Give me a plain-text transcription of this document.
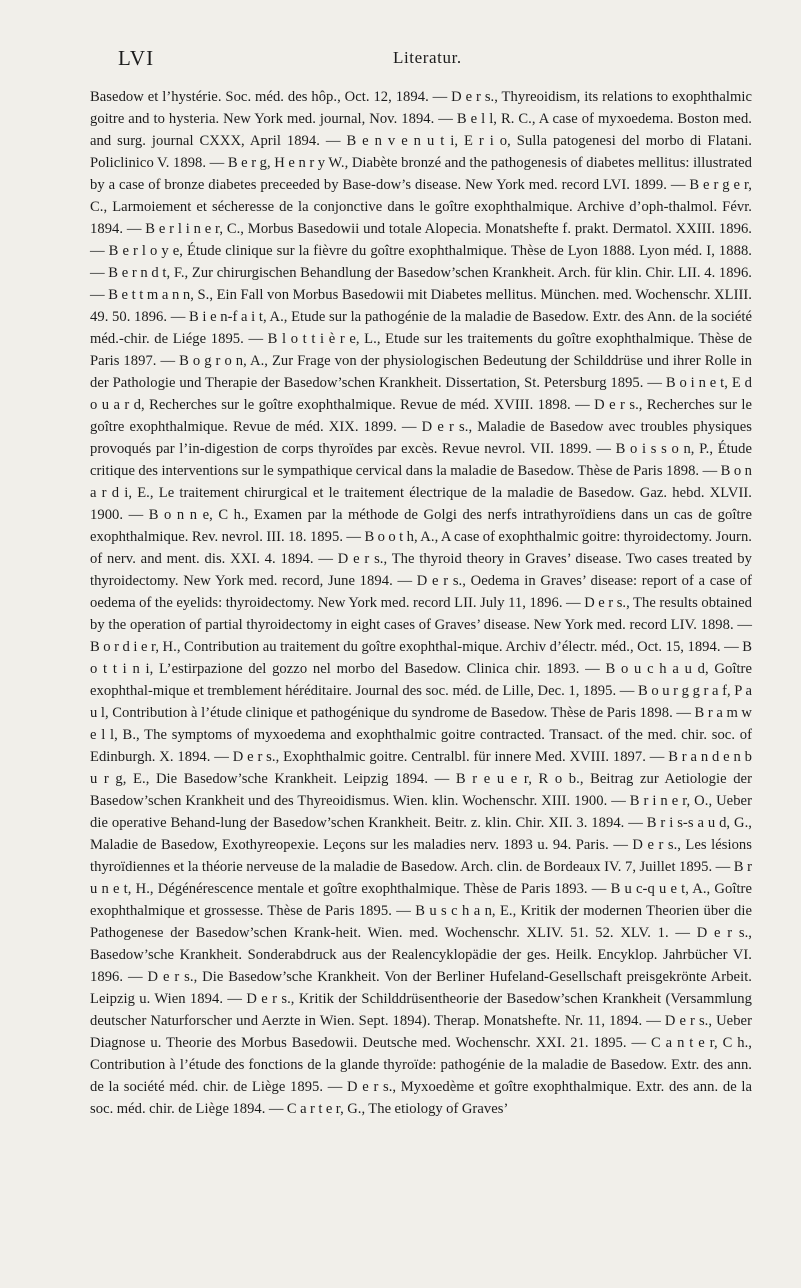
LVI	Literatur.
Basedow et l’hystérie. Soc. méd. des hôp., Oct. 12, 1894. — D e r s., Thyreoidism, its relations to exophthalmic goitre and to hysteria. New York med. journal, Nov. 1894. — B e l l, R. C., A case of myxoedema. Boston med. and surg. journal CXXX, April 1894. — B e n v e n u t i, E r i o, Sulla patogenesi del morbo di Flatani. Policlinico V. 1898. — B e r g, H e n r y W., Diabète bronzé and the pathogenesis of diabetes mellitus: illustrated by a case of bronze diabetes preceeded by Base-dow’s disease. New York med. record LVI. 1899. — B e r g e r, C., Larmoiement et sécheresse de la conjonctive dans le goître exophthalmique. Archive d’oph-thalmol. Févr. 1894. — B e r l i n e r, C., Morbus Basedowii und totale Alopecia. Monatshefte f. prakt. Dermatol. XXIII. 1896. — B e r l o y e, Étude clinique sur la fièvre du goître exophthalmique. Thèse de Lyon 1888. Lyon méd. I, 1888. — B e r n d t, F., Zur chirurgischen Behandlung der Basedow’schen Krankheit. Arch. für klin. Chir. LII. 4. 1896. — B e t t m a n n, S., Ein Fall von Morbus Basedowii mit Diabetes mellitus. München. med. Wochenschr. XLIII. 49. 50. 1896. — B i e n-f a i t, A., Etude sur la pathogénie de la maladie de Basedow. Extr. des Ann. de la société méd.-chir. de Liége 1895. — B l o t t i è r e, L., Etude sur les traitements du goître exophthalmique. Thèse de Paris 1897. — B o g r o n, A., Zur Frage von der physiologischen Bedeutung der Schilddrüse und ihrer Rolle in der Pathologie und Therapie der Basedow’schen Krankheit. Dissertation, St. Petersburg 1895. — B o i n e t, E d o u a r d, Recherches sur le goître exophthalmique. Revue de méd. XVIII. 1898. — D e r s., Recherches sur le goître exophthalmique. Revue de méd. XIX. 1899. — D e r s., Maladie de Basedow avec troubles physiques provoqués par l’in-digestion de corps thyroïdes par excès. Revue nevrol. VII. 1899. — B o i s s o n, P., Étude critique des interventions sur le sympathique cervical dans la maladie de Basedow. Thèse de Paris 1898. — B o n a r d i, E., Le traitement chirurgical et le traitement électrique de la maladie de Basedow. Gaz. hebd. XLVII. 1900. — B o n n e, C h., Examen par la méthode de Golgi des nerfs intrathyroïdiens dans un cas de goître exophthalmique. Rev. nevrol. III. 18. 1895. — B o o t h, A., A case of exophthalmic goitre: thyroidectomy. Journ. of nerv. and ment. dis. XXI. 4. 1894. — D e r s., The thyroid theory in Graves’ disease. Two cases treated by thyroidectomy. New York med. record, June 1894. — D e r s., Oedema in Graves’ disease: report of a case of oedema of the eyelids: thyroidectomy. New York med. record LII. July 11, 1896. — D e r s., The results obtained by the operation of partial thyroidectomy in eight cases of Graves’ disease. New York med. record LIV. 1898. — B o r d i e r, H., Contribution au traitement du goître exophthal-mique. Archiv d’électr. méd., Oct. 15, 1894. — B o t t i n i, L’estirpazione del gozzo nel morbo del Basedow. Clinica chir. 1893. — B o u c h a u d, Goître exophthal-mique et tremblement héréditaire. Journal des soc. méd. de Lille, Dec. 1, 1895. — B o u r g g r a f, P a u l, Contribution à l’étude clinique et pathogénique du syndrome de Basedow. Thèse de Paris 1898. — B r a m w e l l, B., The symptoms of myxoedema and exophthalmic goitre contracted. Transact. of the med. chir. soc. of Edinburgh. X. 1894. — D e r s., Exophthalmic goitre. Centralbl. für innere Med. XVIII. 1897. — B r a n d e n b u r g, E., Die Basedow’sche Krankheit. Leipzig 1894. — B r e u e r, R o b., Beitrag zur Aetiologie der Basedow’schen Krankheit und des Thyreoidismus. Wien. klin. Wochenschr. XIII. 1900. — B r i n e r, O., Ueber die operative Behand-lung der Basedow’schen Krankheit. Beitr. z. klin. Chir. XII. 3. 1894. — B r i s-s a u d, G., Maladie de Basedow, Exothyreopexie. Leçons sur les maladies nerv. 1893 u. 94. Paris. — D e r s., Les lésions thyroïdiennes et la théorie nerveuse de la maladie de Basedow. Arch. clin. de Bordeaux IV. 7, Juillet 1895. — B r u n e t, H., Dégénérescence mentale et goître exophthalmique. Thèse de Paris 1893. — B u c-q u e t, A., Goître exophthalmique et grossesse. Thèse de Paris 1895. — B u s c h a n, E., Kritik der modernen Theorien über die Pathogenese der Basedow’schen Krank-heit. Wien. med. Wochenschr. XLIV. 51. 52. XLV. 1. — D e r s., Basedow’sche Krankheit. Sonderabdruck aus der Realencyklopädie der ges. Heilk. Encyklop. Jahrbücher VI. 1896. — D e r s., Die Basedow’sche Krankheit. Von der Berliner Hufeland-Gesellschaft preisgekrönte Arbeit. Leipzig u. Wien 1894. — D e r s., Kritik der Schilddrüsentheorie der Basedow’schen Krankheit (Versammlung deutscher Naturforscher und Aerzte in Wien. Sept. 1894). Therap. Monatshefte. Nr. 11, 1894. — D e r s., Ueber Diagnose u. Theorie des Morbus Basedowii. Deutsche med. Wochenschr. XXI. 21. 1895. — C a n t e r, C h., Contribution à l’étude des fonctions de la glande thyroïde: pathogénie de la maladie de Basedow. Extr. des ann. de la société méd. chir. de Liège 1895. — D e r s., Myxoedème et goître exophthalmique. Extr. des ann. de la soc. méd. chir. de Liège 1894. — C a r t e r, G., The etiology of Graves’
